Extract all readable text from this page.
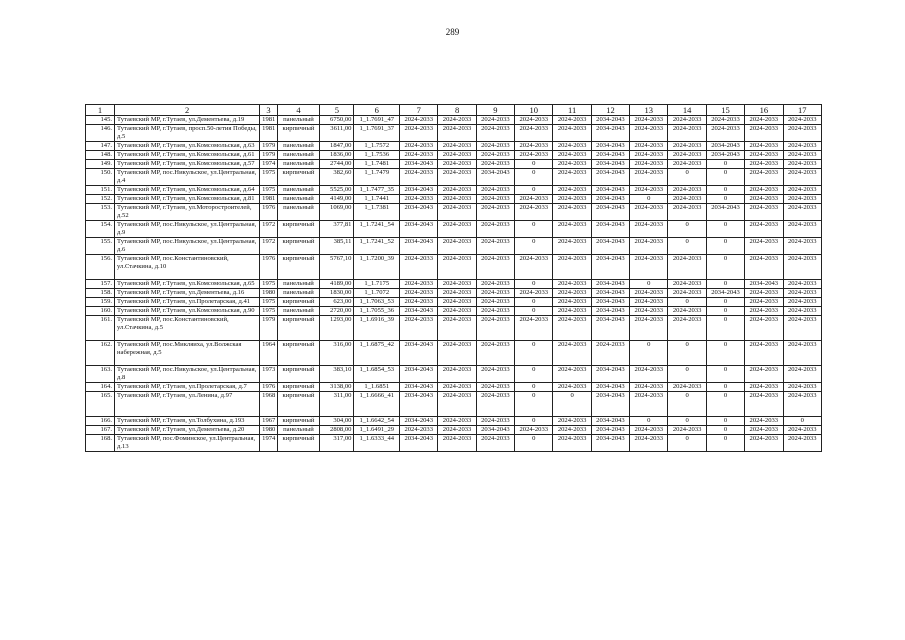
289
1	2	3	4	5	6	7	8	9	10	11	12	13	14	15	16	17
145.	Тутаевский МР, г.Тутаев, ул.Дементьева, д.19	1981	панельный	6750,00	1_1.7691_47	2024-2033	2024-2033	2024-2033	2024-2033	2024-2033	2034-2043	2024-2033	2024-2033	2024-2033	2024-2033	2024-2033
146.	Тутаевский МР, г.Тутаев, просп.50-летия Победы, д.5	1981	кирпичный	3611,00	1_1.7691_37	2024-2033	2024-2033	2024-2033	2024-2033	2024-2033	2034-2043	2024-2033	2024-2033	2024-2033	2024-2033	2024-2033
147.	Тутаевский МР, г.Тутаев, ул.Комсомольская, д.63	1979	панельный	1847,00	1_1.7572	2024-2033	2024-2033	2024-2033	2024-2033	2024-2033	2034-2043	2024-2033	2024-2033	2034-2043	2024-2033	2024-2033
148.	Тутаевский МР, г.Тутаев, ул.Комсомольская, д.61	1979	панельный	1836,00	1_1.7536	2024-2033	2024-2033	2024-2033	2024-2033	2024-2033	2034-2043	2024-2033	2024-2033	2034-2043	2024-2033	2024-2033
149.	Тутаевский МР, г.Тутаев, ул.Комсомольская, д.57	1974	панельный	2744,00	1_1.7481	2034-2043	2024-2033	2024-2033	0	2024-2033	2034-2043	2024-2033	2024-2033	0	2024-2033	2024-2033
150.	Тутаевский МР, пос.Никульское, ул.Центральная, д.4	1975	кирпичный	382,60	1_1.7479	2024-2033	2024-2033	2034-2043	0	2024-2033	2034-2043	2024-2033	0	0	2024-2033	2024-2033
151.	Тутаевский МР, г.Тутаев, ул.Комсомольская, д.64	1975	панельный	5525,00	1_1.7477_35	2034-2043	2024-2033	2024-2033	0	2024-2033	2034-2043	2024-2033	2024-2033	0	2024-2033	2024-2033
152.	Тутаевский МР, г.Тутаев, ул.Комсомольская, д.81	1981	панельный	4149,00	1_1.7441	2024-2033	2024-2033	2024-2033	2024-2033	2024-2033	2034-2043	0	2024-2033	0	2024-2033	2024-2033
153.	Тутаевский МР, г.Тутаев, ул.Моторостроителей, д.52	1976	панельный	1069,00	1_1.7381	2034-2043	2024-2033	2024-2033	2024-2033	2024-2033	2034-2043	2024-2033	2024-2033	2034-2043	2024-2033	2024-2033
154.	Тутаевский МР, пос.Никульское, ул.Центральная, д.9	1972	кирпичный	377,81	1_1.7241_54	2034-2043	2024-2033	2024-2033	0	2024-2033	2034-2043	2024-2033	0	0	2024-2033	2024-2033
155.	Тутаевский МР, пос.Никульское, ул.Центральная, д.6	1972	кирпичный	385,11	1_1.7241_52	2034-2043	2024-2033	2024-2033	0	2024-2033	2034-2043	2024-2033	0	0	2024-2033	2024-2033
156.	Тутаевский МР, пос.Константиновский, ул.Стачкина, д.10	1976	кирпичный	5767,10	1_1.7200_39	2024-2033	2024-2033	2024-2033	2024-2033	2024-2033	2034-2043	2024-2033	2024-2033	0	2024-2033	2024-2033
157.	Тутаевский МР, г.Тутаев, ул.Комсомольская, д.65	1975	панельный	4189,00	1_1.7175	2024-2033	2024-2033	2024-2033	0	2024-2033	2034-2043	0	2024-2033	0	2034-2043	2024-2033
158.	Тутаевский МР, г.Тутаев, ул.Дементьева, д.16	1980	панельный	1830,00	1_1.7072	2024-2033	2024-2033	2024-2033	2024-2033	2024-2033	2034-2043	2024-2033	2024-2033	2034-2043	2024-2033	2024-2033
159.	Тутаевский МР, г.Тутаев, ул.Пролетарская, д.41	1975	кирпичный	623,00	1_1.7063_53	2024-2033	2024-2033	2024-2033	0	2024-2033	2034-2043	2024-2033	0	0	2024-2033	2024-2033
160.	Тутаевский МР, г.Тутаев, ул.Комсомольская, д.90	1975	панельный	2720,00	1_1.7055_36	2034-2043	2024-2033	2024-2033	0	2024-2033	2034-2043	2024-2033	2024-2033	0	2024-2033	2024-2033
161.	Тутаевский МР, пос.Константиновский, ул.Стачкина, д.5	1979	кирпичный	1293,00	1_1.6916_39	2024-2033	2024-2033	2024-2033	2024-2033	2024-2033	2034-2043	2024-2033	2024-2033	0	2024-2033	2024-2033
162.	Тутаевский МР, пос.Микляиха, ул.Волжская набережная, д.5	1964	кирпичный	316,00	1_1.6875_42	2034-2043	2024-2033	2024-2033	0	2024-2033	2024-2033	0	0	0	2024-2033	2024-2033
163.	Тутаевский МР, пос.Никульское, ул.Центральная, д.8	1973	кирпичный	383,10	1_1.6854_53	2034-2043	2024-2033	2024-2033	0	2024-2033	2034-2043	2024-2033	0	0	2024-2033	2024-2033
164.	Тутаевский МР, г.Тутаев, ул.Пролетарская, д.7	1976	кирпичный	3138,00	1_1.6851	2034-2043	2024-2033	2024-2033	0	2024-2033	2034-2043	2024-2033	2024-2033	0	2024-2033	2024-2033
165.	Тутаевский МР, г.Тутаев, ул.Ленина, д.97	1968	кирпичный	311,00	1_1.6666_41	2034-2043	2024-2033	2024-2033	0	0	2034-2043	2024-2033	0	0	2024-2033	2024-2033
166.	Тутаевский МР, г.Тутаев, ул.Толбухина, д.193	1967	кирпичный	304,00	1_1.6642_54	2034-2043	2024-2033	2024-2033	0	2024-2033	2034-2043	0	0	0	2024-2033	0
167.	Тутаевский МР, г.Тутаев, ул.Дементьева, д.20	1980	панельный	2808,00	1_1.6491_29	2024-2033	2024-2033	2034-2043	2024-2033	2024-2033	2034-2043	2024-2033	2024-2033	0	2024-2033	2024-2033
168.	Тутаевский МР, пос.Фоминское, ул.Центральная, д.13	1974	кирпичный	317,00	1_1.6333_44	2034-2043	2024-2033	2024-2033	0	2024-2033	2034-2043	2024-2033	0	0	2024-2033	2024-2033
